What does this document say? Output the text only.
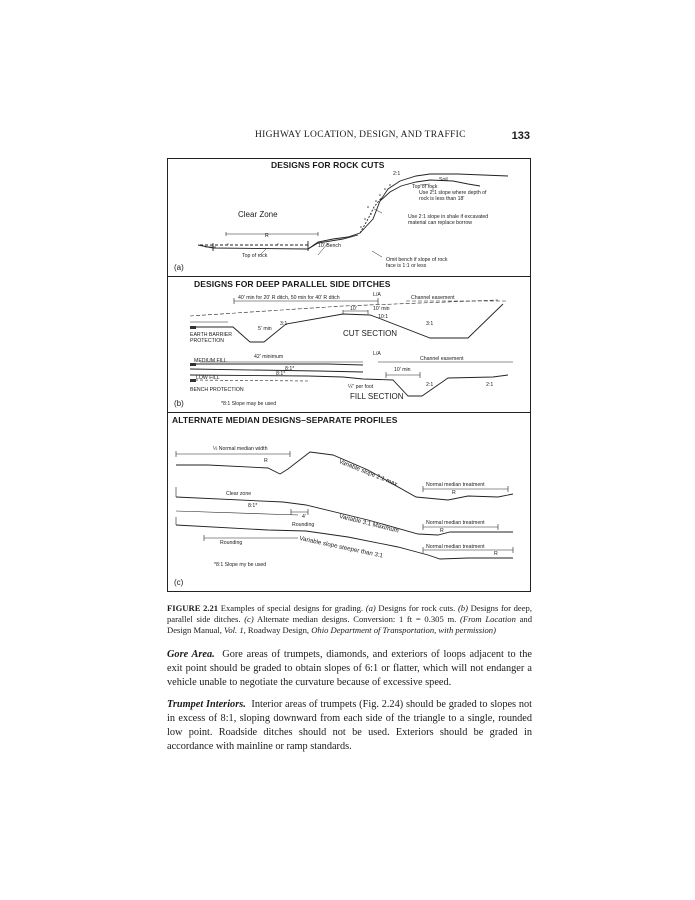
HIGHWAY LOCATION, DESIGN, AND TRAFFIC	133
DESIGNS FOR ROCK CUTS
2:1
Soil
Top of rock
Use 2:1 slope where depth of
rock is less than 18'
Clear Zone
R
Use 2:1 slope in shale if excavated
material can replace borrow
10' Bench
Top of rock
Omit bench if slope of rock
face is 1:1 or less
(a)
DESIGNS FOR DEEP PARALLEL SIDE DITCHES
40' min for 20' R ditch, 50 min for 40' R ditch	L/A	Channel easement
10'	10' min
10:1
5' min
3:1	3:1
EARTH BARRIER
PROTECTION
CUT SECTION
42' minimum	L/A
Channel easement
MEDIUM FILL
8:1*	10' min
8:1*
LOW FILL
2:1	2:1
BENCH PROTECTION	¼" per foot
FILL SECTION
*8:1 Slope may be used
(b)
ALTERNATE MEDIAN DESIGNS–SEPARATE PROFILES
½ Normal median width
R	Variable slope 2:1 max	Normal median treatment
R
Clear zone
8:1*
4'
Rounding	Variable 3:1 Maximum	Normal median treatment
R
Rounding	Variable slope steeper than 3:1	Normal median treatment
R
*8:1 Slope my be used
(c)
FIGURE 2.21 Examples of special designs for grading. (a) Designs for rock cuts. (b) Designs for deep, parallel side ditches. (c) Alternate median designs. Conversion: 1 ft = 0.305 m. (From Location and Design Manual, Vol. 1, Roadway Design, Ohio Department of Transportation, with permission)
Gore Area. Gore areas of trumpets, diamonds, and exteriors of loops adjacent to the exit point should be graded to obtain slopes of 6:1 or flatter, which will not endanger a vehicle unable to negotiate the curvature because of excessive speed.
Trumpet Interiors. Interior areas of trumpets (Fig. 2.24) should be graded to slopes not in excess of 8:1, sloping downward from each side of the triangle to a single, rounded low point. Roadside ditches should not be used. Exteriors should be graded in accordance with mainline or ramp standards.
